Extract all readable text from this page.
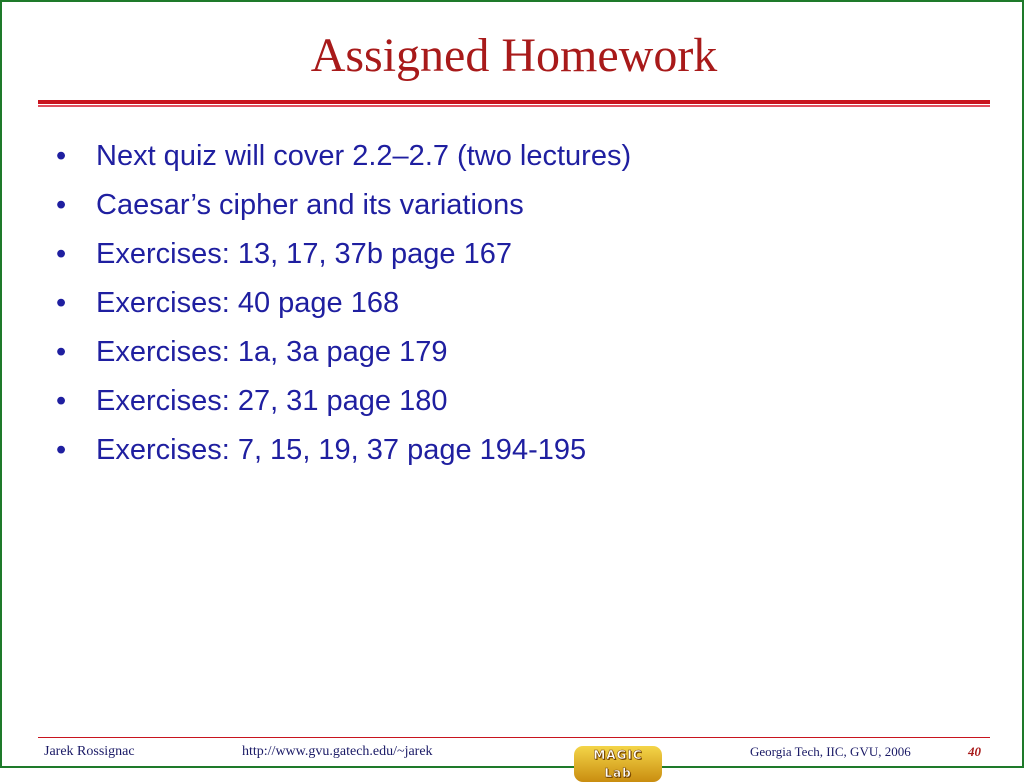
Assigned Homework
•	Next quiz will cover 2.2–2.7 (two lectures)
•	Caesar’s cipher and its variations
•	Exercises: 13, 17, 37b page 167
•	Exercises: 40 page 168
•	Exercises: 1a, 3a page 179
•	Exercises: 27, 31 page 180
•	Exercises: 7, 15, 19, 37 page 194-195
Jarek Rossignac	http://www.gvu.gatech.edu/~jarek	MAGIC Lab
Georgia Tech, IIC, GVU, 2006	40
